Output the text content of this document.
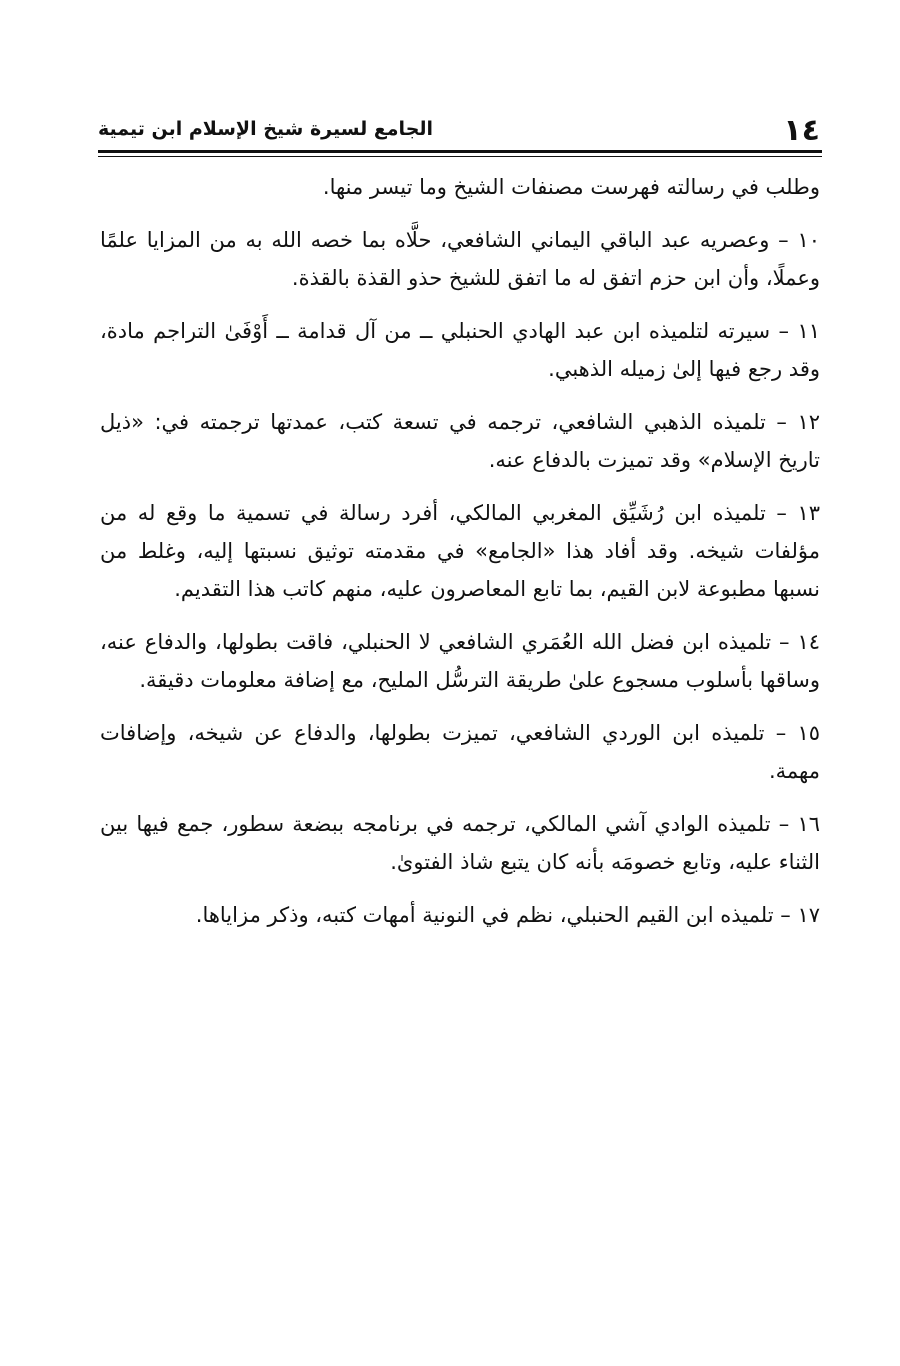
١٤
الجامع لسيرة شيخ الإسلام ابن تيمية

وطلب في رسالته فهرست مصنفات الشيخ وما تيسر منها.

١٠ – وعصريه عبد الباقي اليماني الشافعي، حلَّاه بما خصه الله به من المزايا علمًا وعملًا، وأن ابن حزم اتفق له ما اتفق للشيخ حذو القذة بالقذة.

١١ – سيرته لتلميذه ابن عبد الهادي الحنبلي ــ من آل قدامة ــ أَوْفَىٰ التراجم مادة، وقد رجع فيها إلىٰ زميله الذهبي.

١٢ – تلميذه الذهبي الشافعي، ترجمه في تسعة كتب، عمدتها ترجمته في: «ذيل تاريخ الإسلام» وقد تميزت بالدفاع عنه.

١٣ – تلميذه ابن رُشَيِّق المغربي المالكي، أفرد رسالة في تسمية ما وقع له من مؤلفات شيخه. وقد أفاد هذا «الجامع» في مقدمته توثيق نسبتها إليه، وغلط من نسبها مطبوعة لابن القيم، بما تابع المعاصرون عليه، منهم كاتب هذا التقديم.

١٤ – تلميذه ابن فضل الله العُمَري الشافعي لا الحنبلي، فاقت بطولها، والدفاع عنه، وساقها بأسلوب مسجوع علىٰ طريقة الترسُّل المليح، مع إضافة معلومات دقيقة.

١٥ – تلميذه ابن الوردي الشافعي، تميزت بطولها، والدفاع عن شيخه، وإضافات مهمة.

١٦ – تلميذه الوادي آشي المالكي، ترجمه في برنامجه ببضعة سطور، جمع فيها بين الثناء عليه، وتابع خصومَه بأنه كان يتبع شاذ الفتوىٰ.

١٧ – تلميذه ابن القيم الحنبلي، نظم في النونية أمهات كتبه، وذكر مزاياها.
